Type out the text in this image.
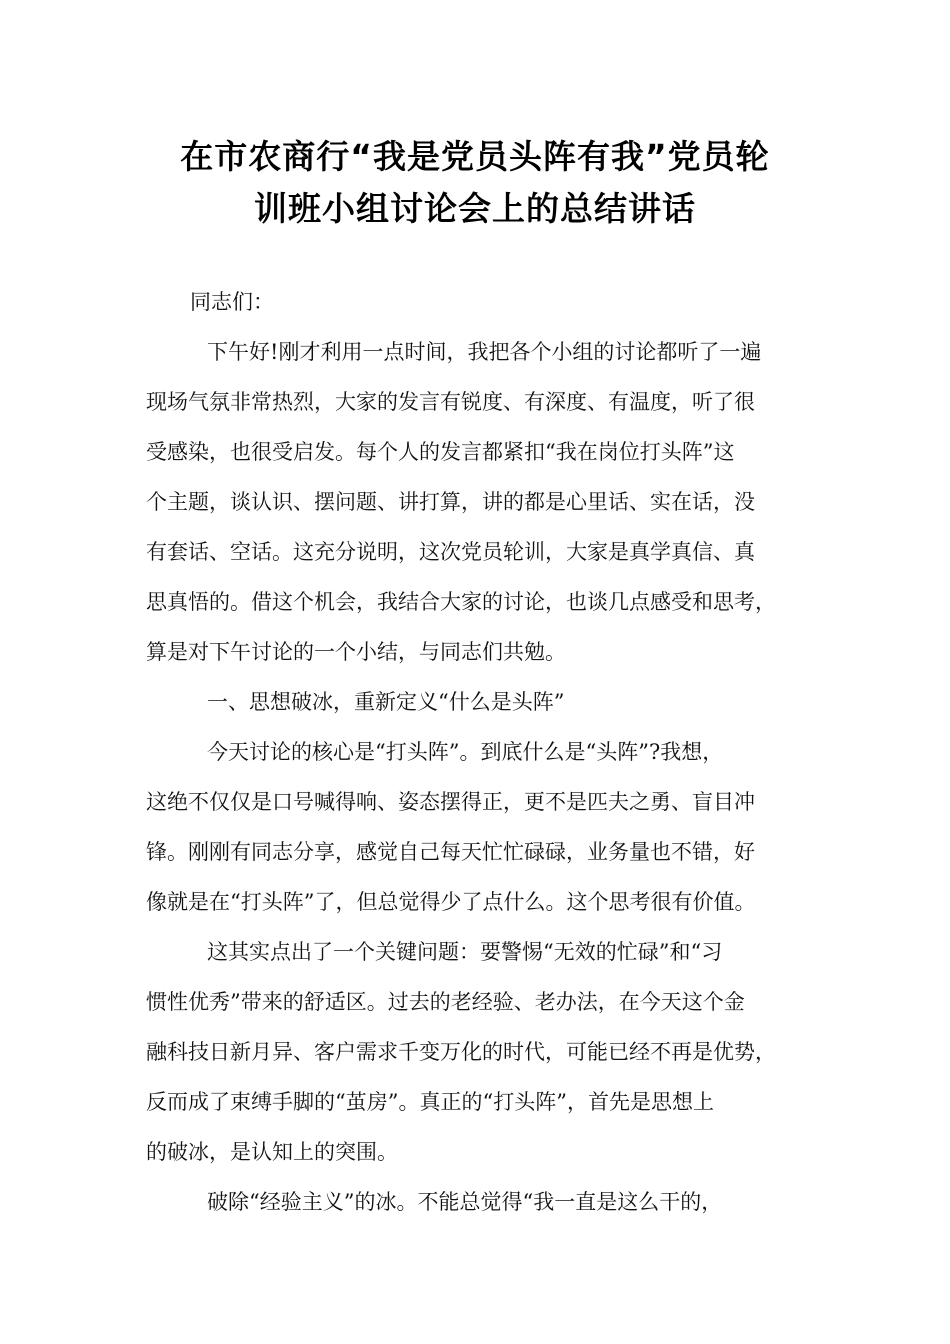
在市农商行“我是党员头阵有我”党员轮
训班小组讨论会上的总结讲话

同志们：

下午好!刚才利用一点时间，我把各个小组的讨论都听了一遍

现场气氛非常热烈，大家的发言有锐度、有深度、有温度，听了很

受感染，也很受启发。每个人的发言都紧扣“我在岗位打头阵”这

个主题，谈认识、摆问题、讲打算，讲的都是心里话、实在话，没

有套话、空话。这充分说明，这次党员轮训，大家是真学真信、真

思真悟的。借这个机会，我结合大家的讨论，也谈几点感受和思考，

算是对下午讨论的一个小结，与同志们共勉。

一、思想破冰，重新定义“什么是头阵”

今天讨论的核心是“打头阵”。到底什么是“头阵”?我想，

这绝不仅仅是口号喊得响、姿态摆得正，更不是匹夫之勇、盲目冲

锋。刚刚有同志分享，感觉自己每天忙忙碌碌，业务量也不错，好

像就是在“打头阵”了，但总觉得少了点什么。这个思考很有价值。

这其实点出了一个关键问题：要警惕“无效的忙碌”和“习

惯性优秀”带来的舒适区。过去的老经验、老办法，在今天这个金

融科技日新月异、客户需求千变万化的时代，可能已经不再是优势，

反而成了束缚手脚的“茧房”。真正的“打头阵”，首先是思想上

的破冰，是认知上的突围。

破除“经验主义”的冰。不能总觉得“我一直是这么干的，
